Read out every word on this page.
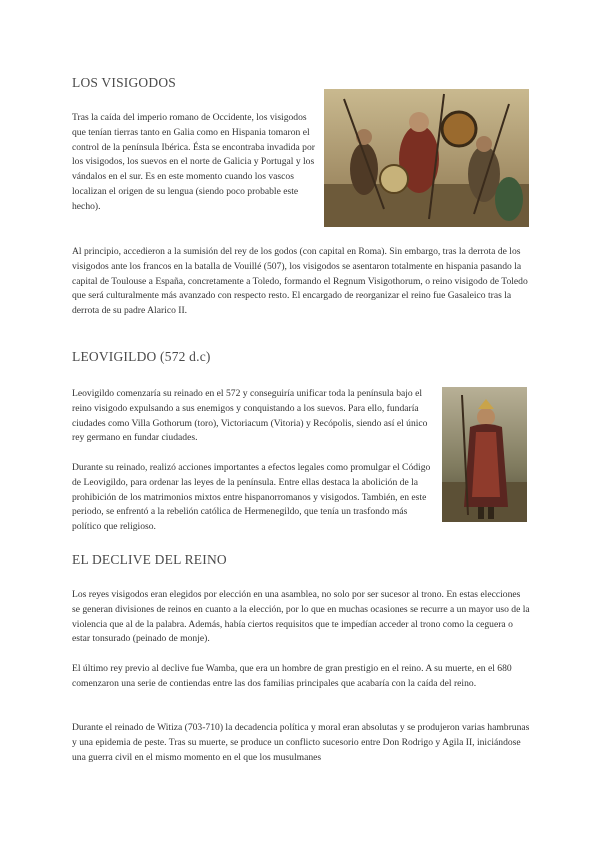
LOS VISIGODOS

Tras la caída del imperio romano de Occidente, los visigodos que tenían tierras tanto en Galia como en Hispania tomaron el control de la península Ibérica. Ésta se encontraba invadida por los visigodos, los suevos en el norte de Galicia y Portugal y los vándalos en el sur. Es en este momento cuando los vascos localizan el origen de su lengua (siendo poco probable este hecho).

Al principio, accedieron a la sumisión del rey de los godos (con capital en Roma). Sin embargo, tras la derrota de los visigodos ante los francos en la batalla de Vouillé (507), los visigodos se asentaron totalmente en hispania pasando la capital de Toulouse a España, concretamente a Toledo, formando el Regnum Visigothorum, o reino visigodo de Toledo que será culturalmente más avanzado con respecto resto. El encargado de reorganizar el reino fue Gasaleico tras la derrota de su padre Alarico II.

LEOVIGILDO (572 d.c)

Leovigildo comenzaría su reinado en el 572 y conseguiría unificar toda la península bajo el reino visigodo expulsando a sus enemigos y conquistando a los suevos. Para ello, fundaría ciudades como Villa Gothorum (toro), Victoriacum (Vitoria) y Recópolis, siendo así el único rey germano en fundar ciudades.

Durante su reinado, realizó acciones importantes a efectos legales como promulgar el Código de Leovigildo, para ordenar las leyes de la península. Entre ellas destaca la abolición de la prohibición de los matrimonios mixtos entre hispanorromanos y visigodos. También, en este periodo, se enfrentó a la rebelión católica de Hermenegildo, que tenía un trasfondo más político que religioso.

EL DECLIVE DEL REINO

Los reyes visigodos eran elegidos por elección en una asamblea, no solo por ser sucesor al trono. En estas elecciones se generan divisiones de reinos en cuanto a la elección, por lo que en muchas ocasiones se recurre a un mayor uso de la violencia que al de la palabra. Además, había ciertos requisitos que te impedían acceder al trono como la ceguera o estar tonsurado (peinado de monje).

El último rey previo al declive fue Wamba, que era un hombre de gran prestigio en el reino. A su muerte, en el 680 comenzaron una serie de contiendas entre las dos familias principales que acabaría con la caída del reino.

Durante el reinado de Witiza (703-710) la decadencia política y moral eran absolutas y se produjeron varias hambrunas y una epidemia de peste. Tras su muerte, se produce un conflicto sucesorio entre Don Rodrigo y Agila II, iniciándose una guerra civil en el mismo momento en el que los musulmanes
